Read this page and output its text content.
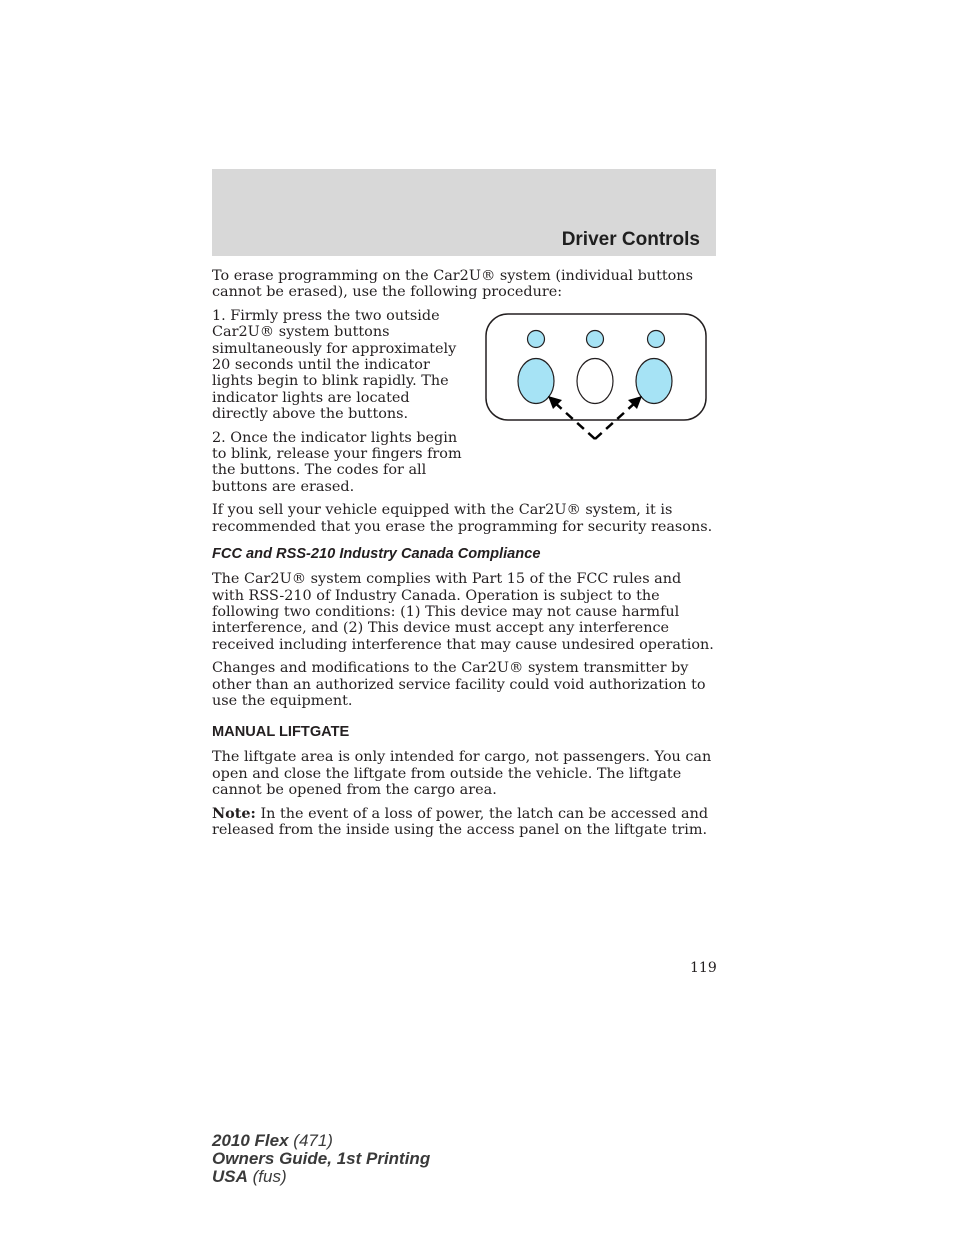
Driver Controls

To erase programming on the Car2U® system (individual buttons cannot be erased), use the following procedure:

1. Firmly press the two outside Car2U® system buttons simultaneously for approximately 20 seconds until the indicator lights begin to blink rapidly. The indicator lights are located directly above the buttons.

2. Once the indicator lights begin to blink, release your fingers from the buttons. The codes for all buttons are erased.

If you sell your vehicle equipped with the Car2U® system, it is recommended that you erase the programming for security reasons.

FCC and RSS-210 Industry Canada Compliance

The Car2U® system complies with Part 15 of the FCC rules and with RSS-210 of Industry Canada. Operation is subject to the following two conditions: (1) This device may not cause harmful interference, and (2) This device must accept any interference received including interference that may cause undesired operation.

Changes and modifications to the Car2U® system transmitter by other than an authorized service facility could void authorization to use the equipment.

MANUAL LIFTGATE

The liftgate area is only intended for cargo, not passengers. You can open and close the liftgate from outside the vehicle. The liftgate cannot be opened from the cargo area.

Note: In the event of a loss of power, the latch can be accessed and released from the inside using the access panel on the liftgate trim.

119
2010 Flex (471)
Owners Guide, 1st Printing
USA (fus)
